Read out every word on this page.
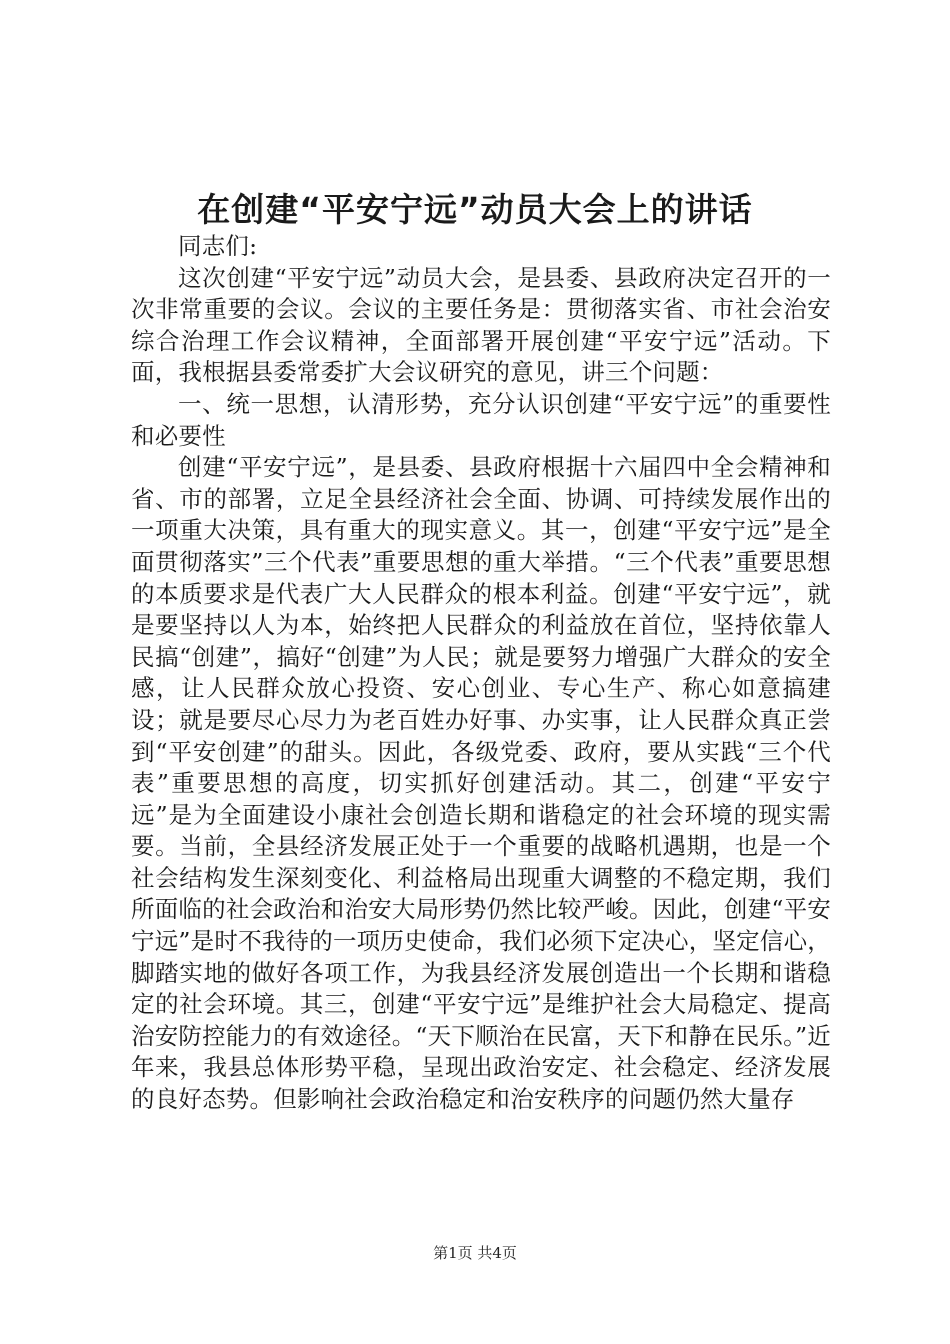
在创建“平安宁远”动员大会上的讲话

同志们:

这次创建“平安宁远”动员大会，是县委、县政府决定召开的一次非常重要的会议。会议的主要任务是：贯彻落实省、市社会治安综合治理工作会议精神，全面部署开展创建“平安宁远”活动。下面，我根据县委常委扩大会议研究的意见，讲三个问题：

一、统一思想，认清形势，充分认识创建“平安宁远”的重要性和必要性

创建“平安宁远”，是县委、县政府根据十六届四中全会精神和省、市的部署，立足全县经济社会全面、协调、可持续发展作出的一项重大决策，具有重大的现实意义。其一，创建“平安宁远”是全面贯彻落实”三个代表”重要思想的重大举措。“三个代表”重要思想的本质要求是代表广大人民群众的根本利益。创建“平安宁远”，就是要坚持以人为本，始终把人民群众的利益放在首位，坚持依靠人民搞“创建”，搞好“创建”为人民；就是要努力增强广大群众的安全感，让人民群众放心投资、安心创业、专心生产、称心如意搞建设；就是要尽心尽力为老百姓办好事、办实事，让人民群众真正尝到“平安创建”的甜头。因此，各级党委、政府，要从实践“三个代表”重要思想的高度，切实抓好创建活动。其二，创建“平安宁远”是为全面建设小康社会创造长期和谐稳定的社会环境的现实需要。当前，全县经济发展正处于一个重要的战略机遇期，也是一个社会结构发生深刻变化、利益格局出现重大调整的不稳定期，我们所面临的社会政治和治安大局形势仍然比较严峻。因此，创建“平安宁远”是时不我待的一项历史使命，我们必须下定决心，坚定信心，脚踏实地的做好各项工作，为我县经济发展创造出一个长期和谐稳定的社会环境。其三，创建“平安宁远”是维护社会大局稳定、提高治安防控能力的有效途径。“天下顺治在民富，天下和静在民乐。”近年来，我县总体形势平稳，呈现出政治安定、社会稳定、经济发展的良好态势。但影响社会政治稳定和治安秩序的问题仍然大量存

第1页 共4页
